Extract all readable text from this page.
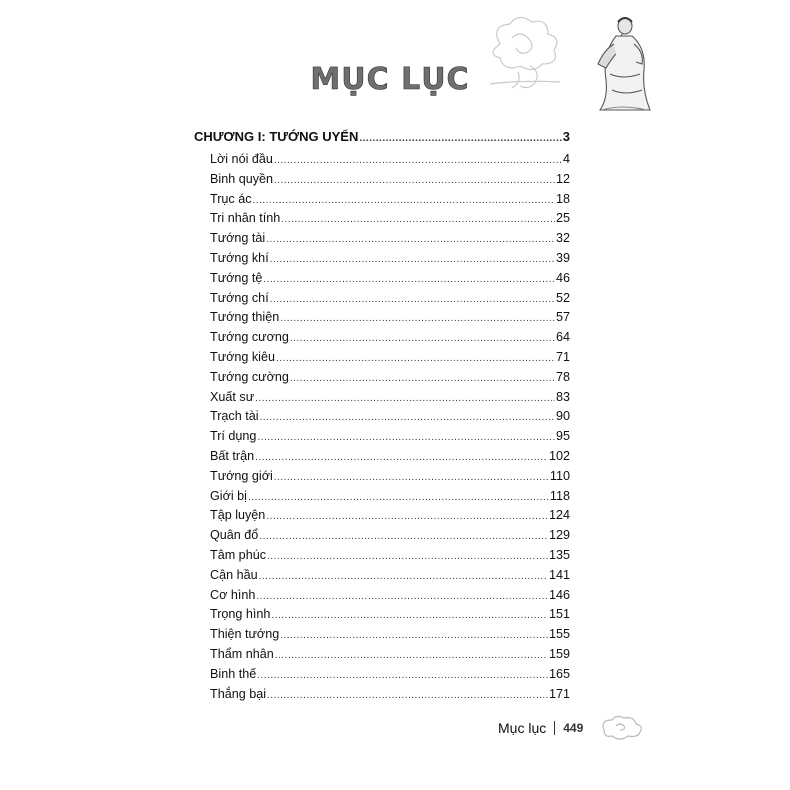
MỤC LỤC
CHƯƠNG I: TƯỚNG UYỂN .....	3
Lời nói đầu .....	4
Binh quyền .....	12
Trục ác .....	18
Tri nhân tính .....	25
Tướng tài .....	32
Tướng khí .....	39
Tướng tệ .....	46
Tướng chí .....	52
Tướng thiện .....	57
Tướng cương .....	64
Tướng kiêu .....	71
Tướng cường .....	78
Xuất sư .....	83
Trạch tài .....	90
Trí dụng .....	95
Bất trận .....	102
Tướng giới .....	110
Giới bị .....	118
Tập luyện .....	124
Quân đổ .....	129
Tâm phúc .....	135
Cận hầu .....	141
Cơ hình .....	146
Trọng hình .....	151
Thiện tướng .....	155
Thẩm nhân .....	159
Binh thế .....	165
Thắng bại .....	171
Mục lục 449
